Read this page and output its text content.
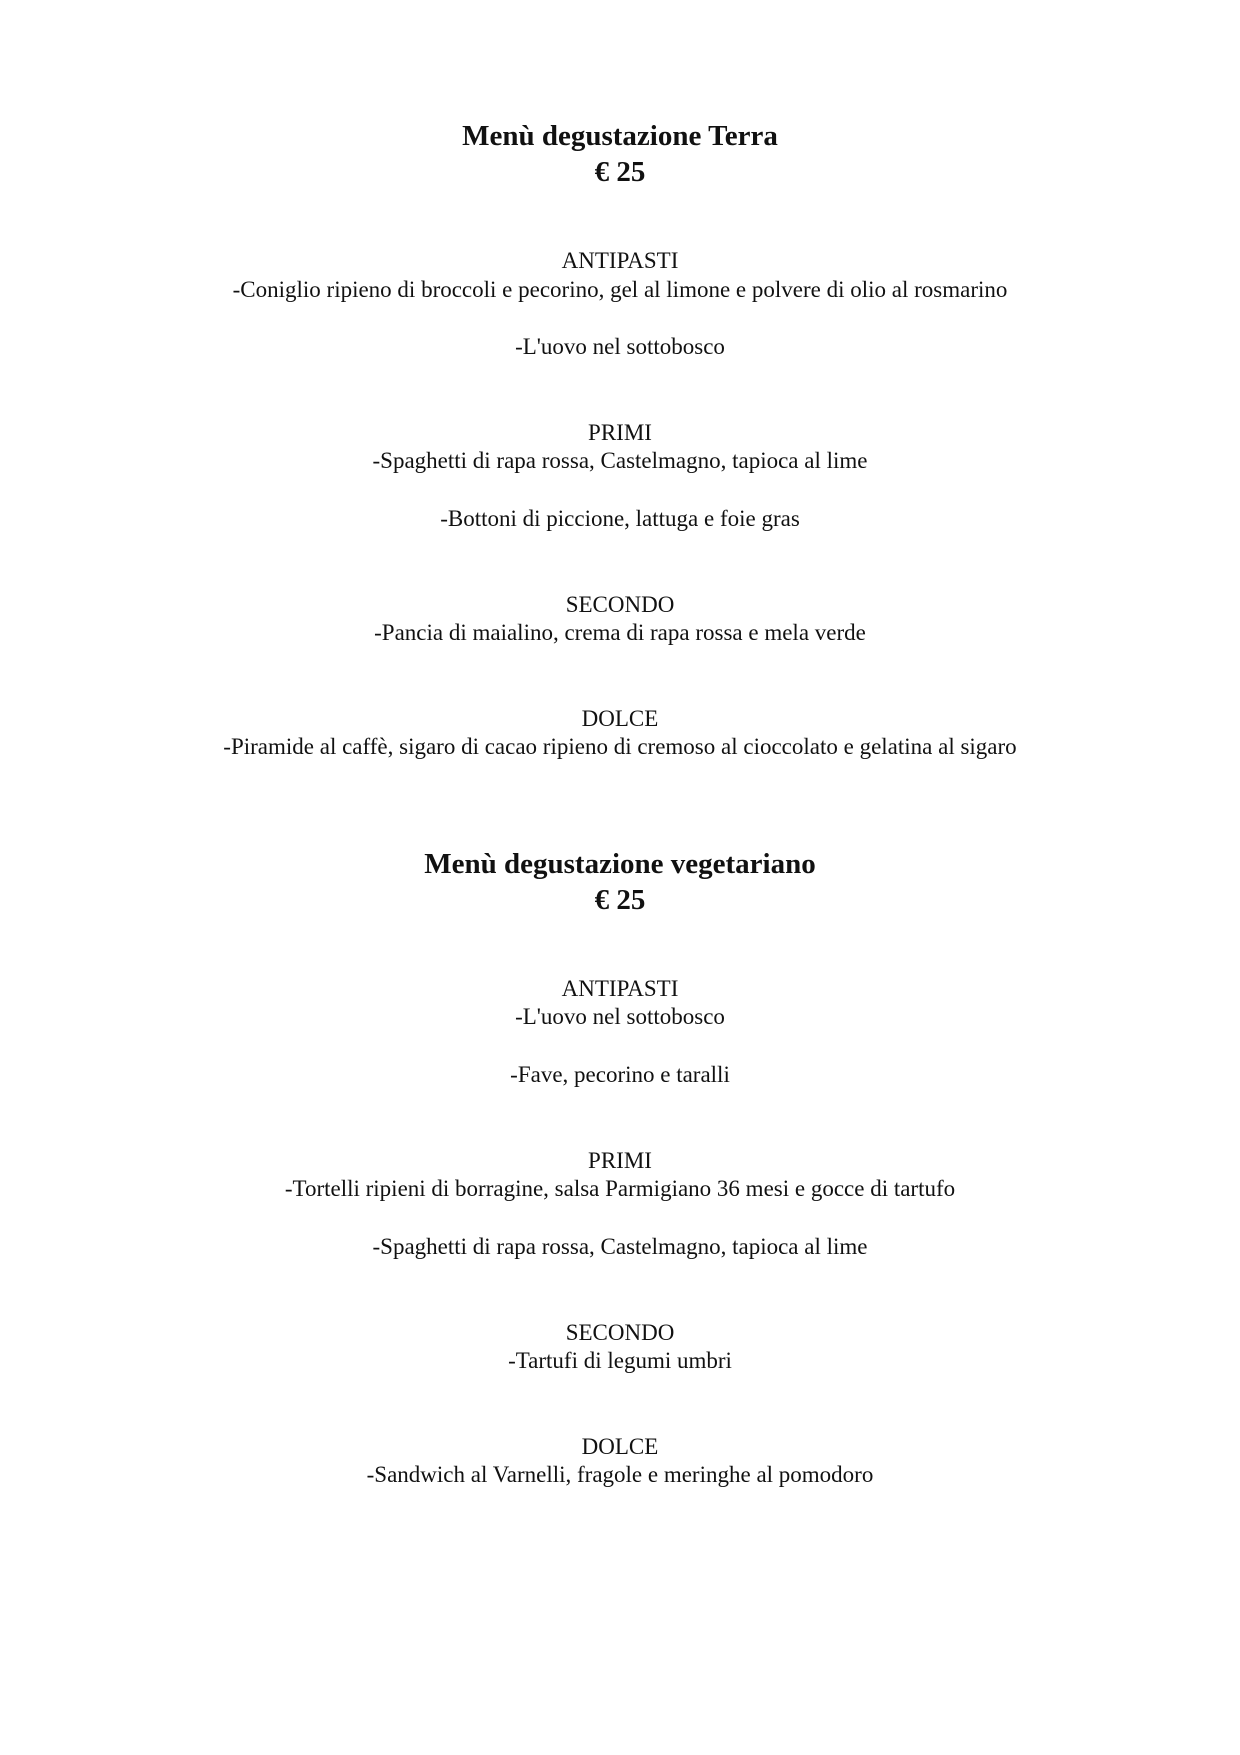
Menù degustazione Terra
€ 25
ANTIPASTI
-Coniglio ripieno di broccoli e pecorino, gel al limone e polvere di olio al rosmarino
-L'uovo nel sottobosco
PRIMI
-Spaghetti di rapa rossa, Castelmagno, tapioca al lime
-Bottoni di piccione, lattuga e foie gras
SECONDO
-Pancia di maialino, crema di rapa rossa e mela verde
DOLCE
-Piramide al caffè, sigaro di cacao ripieno di cremoso al cioccolato e gelatina al sigaro
Menù degustazione vegetariano
€ 25
ANTIPASTI
-L'uovo nel sottobosco
-Fave, pecorino e taralli
PRIMI
-Tortelli ripieni di borragine, salsa Parmigiano 36 mesi e gocce di tartufo
-Spaghetti di rapa rossa, Castelmagno, tapioca al lime
SECONDO
-Tartufi di legumi umbri
DOLCE
-Sandwich al Varnelli, fragole e meringhe al pomodoro
